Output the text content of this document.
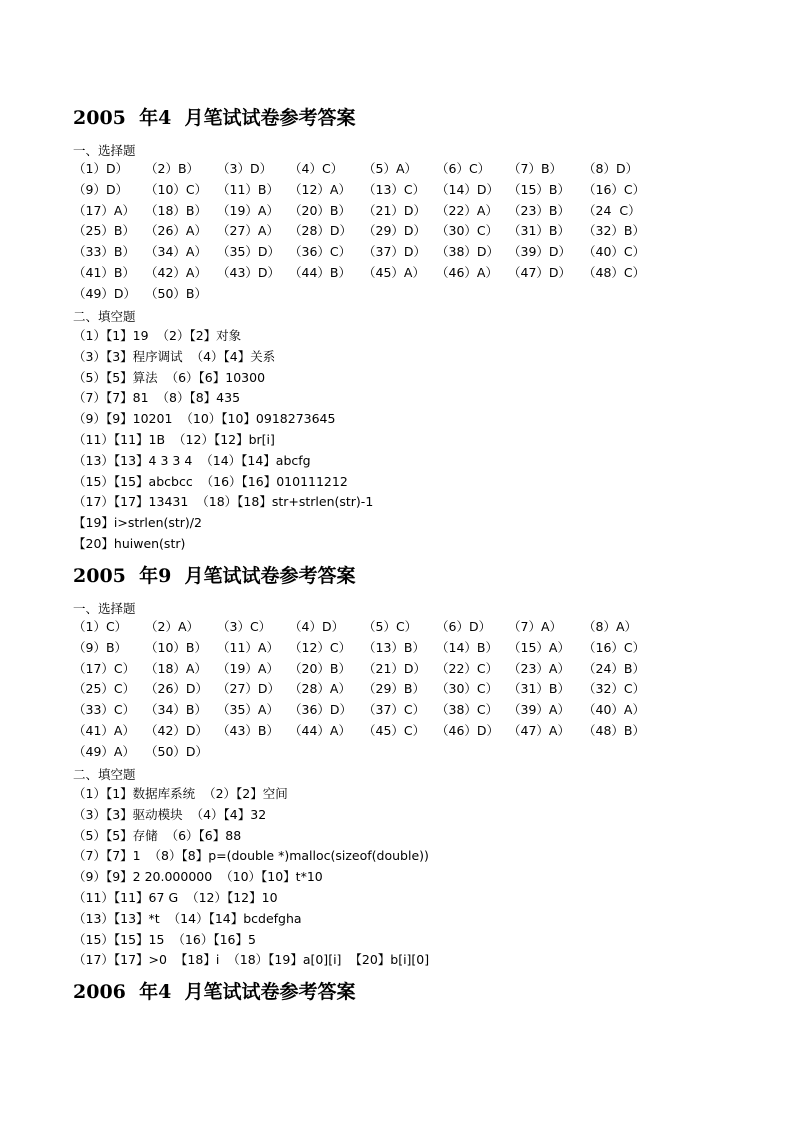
2005  年4  月笔试试卷参考答案
一、选择题
（1）D） （2）B） （3）D） （4）C） （5）A） （6）C） （7）B） （8）D）
（9）D） （10）C） （11）B） （12）A） （13）C） （14）D） （15）B） （16）C）
（17）A） （18）B） （19）A） （20）B） （21）D） （22）A） （23）B） （24  C）
（25）B） （26）A） （27）A） （28）D） （29）D） （30）C） （31）B） （32）B）
（33）B） （34）A） （35）D） （36）C） （37）D） （38）D） （39）D） （40）C）
（41）B） （42）A） （43）D） （44）B） （45）A） （46）A） （47）D） （48）C）
（49）D） （50）B）
二、填空题
（1）【1】19  （2）【2】对象
（3）【3】程序调试  （4）【4】关系
（5）【5】算法  （6）【6】10300
（7）【7】81  （8）【8】435
（9）【9】10201  （10）【10】0918273645
（11）【11】1B  （12）【12】br[i]
（13）【13】4 3 3 4  （14）【14】abcfg
（15）【15】abcbcc  （16）【16】010111212
（17）【17】13431  （18）【18】str+strlen(str)-1
【19】i>strlen(str)/2
【20】huiwen(str)
2005  年9  月笔试试卷参考答案
一、选择题
（1）C） （2）A） （3）C） （4）D） （5）C） （6）D） （7）A） （8）A）
（9）B） （10）B） （11）A） （12）C） （13）B） （14）B） （15）A） （16）C）
（17）C） （18）A） （19）A） （20）B） （21）D） （22）C） （23）A） （24）B）
（25）C） （26）D） （27）D） （28）A） （29）B） （30）C） （31）B） （32）C）
（33）C） （34）B） （35）A） （36）D） （37）C） （38）C） （39）A） （40）A）
（41）A） （42）D） （43）B） （44）A） （45）C） （46）D） （47）A） （48）B）
（49）A） （50）D）
二、填空题
（1）【1】数据库系统  （2）【2】空间
（3）【3】驱动模块  （4）【4】32
（5）【5】存储  （6）【6】88
（7）【7】1  （8）【8】p=(double *)malloc(sizeof(double))
（9）【9】2 20.000000  （10）【10】t*10
（11）【11】67 G  （12）【12】10
（13）【13】*t  （14）【14】bcdefgha
（15）【15】15  （16）【16】5
（17）【17】>0  【18】i  （18）【19】a[0][i]  【20】b[i][0]
2006  年4  月笔试试卷参考答案
